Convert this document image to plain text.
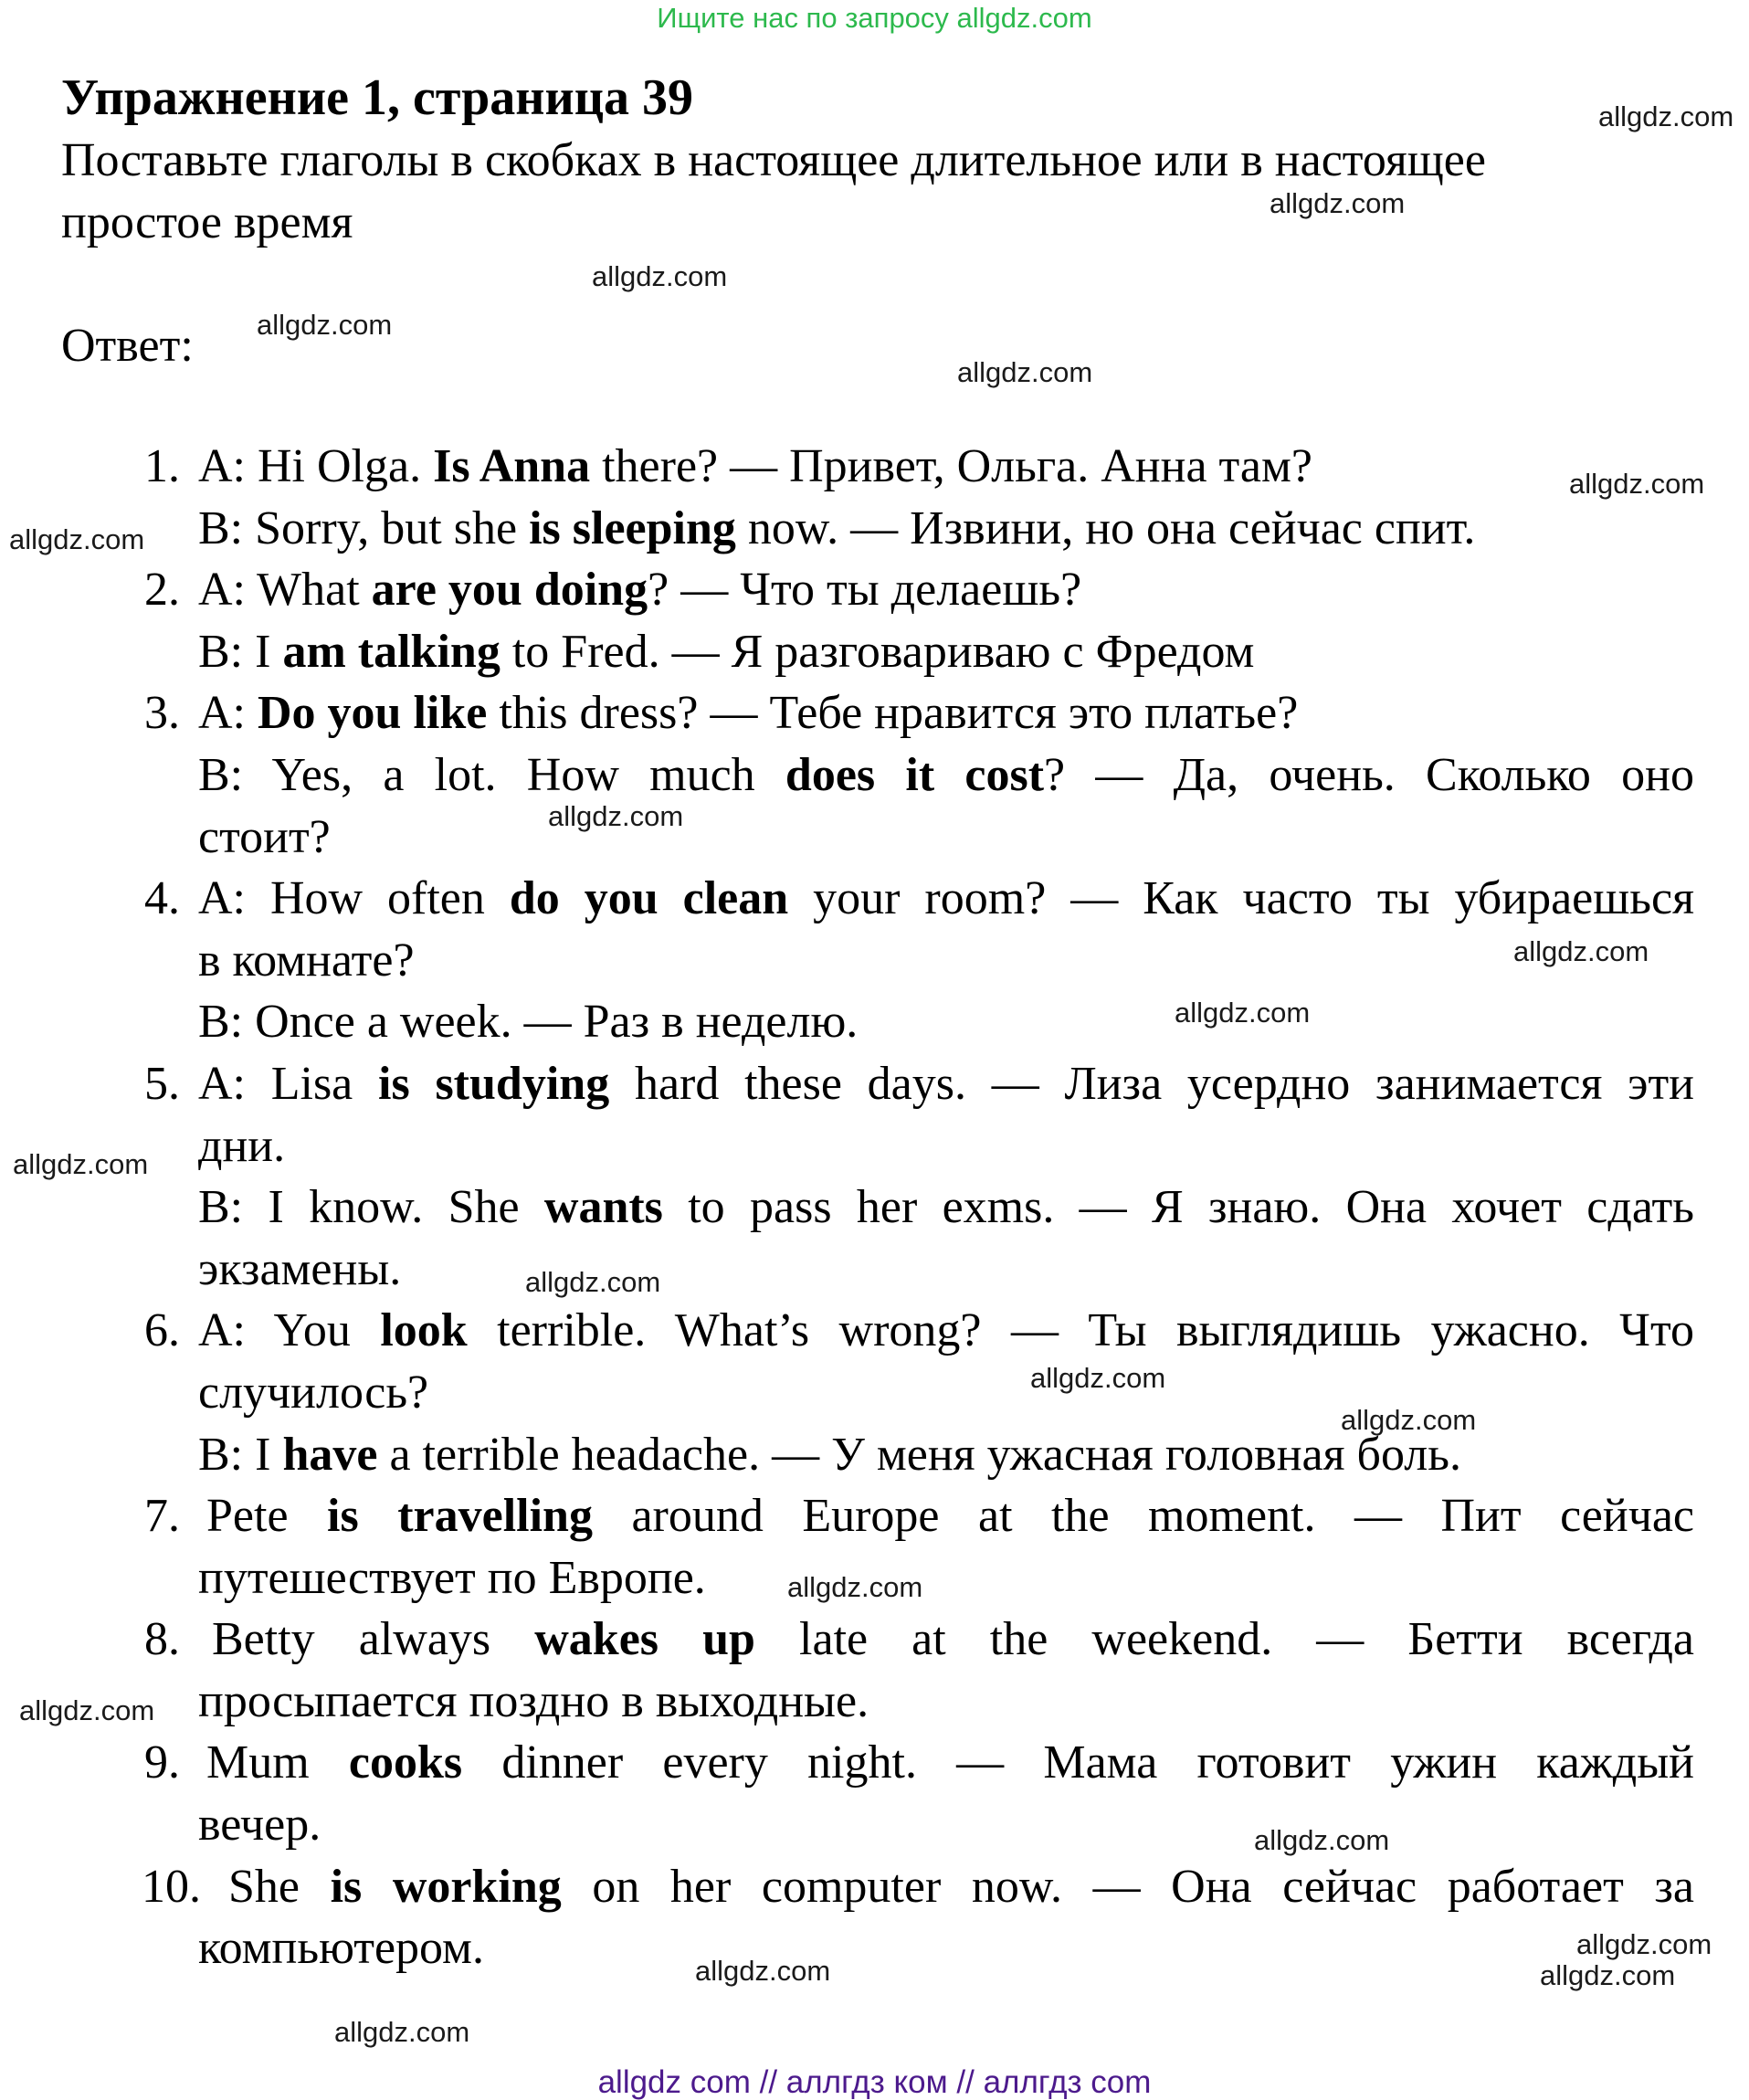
Ищите нас по запросу allgdz.com
Упражнение 1, страница 39
Поставьте глаголы в скобках в настоящее длительное или в настоящее
простое время
Ответ:
1. A: Hi Olga. Is Anna there? — Привет, Ольга. Анна там?
B: Sorry, but she is sleeping now. — Извини, но она сейчас спит.
2. A: What are you doing? — Что ты делаешь?
B: I am talking to Fred. — Я разговариваю с Фредом
3. A: Do you like this dress? — Тебе нравится это платье?
B: Yes, a lot. How much does it cost? — Да, очень. Сколько оно
стоит?
4. A: How often do you clean your room? — Как часто ты убираешься
в комнате?
B: Once a week. — Раз в неделю.
5. A: Lisa is studying hard these days. — Лиза усердно занимается эти
дни.
B: I know. She wants to pass her exms. — Я знаю. Она хочет сдать
экзамены.
6. A: You look terrible. What’s wrong? — Ты выглядишь ужасно. Что
случилось?
B: I have a terrible headache. — У меня ужасная головная боль.
7. Pete is travelling around Europe at the moment. — Пит сейчас
путешествует по Европе.
8. Betty always wakes up late at the weekend. — Бетти всегда
просыпается поздно в выходные.
9. Mum cooks dinner every night. — Мама готовит ужин каждый
вечер.
10. She is working on her computer now. — Она сейчас работает за
компьютером.
allgdz.com
allgdz.com
allgdz.com
allgdz.com
allgdz.com
allgdz.com
allgdz.com
allgdz.com
allgdz.com
allgdz.com
allgdz.com
allgdz.com
allgdz.com
allgdz.com
allgdz.com
allgdz.com
allgdz.com
allgdz.com
allgdz.com
allgdz.com
allgdz.com
allgdz com // аллгдз ком // аллгдз com
